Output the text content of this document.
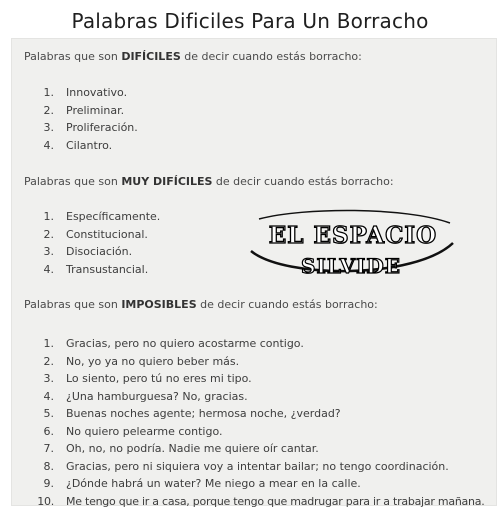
Palabras Dificiles Para Un Borracho
Palabras que son DIFÍCILES de decir cuando estás borracho:
1. Innovativo.
2. Preliminar.
3. Proliferación.
4. Cilantro.
Palabras que son MUY DIFÍCILES de decir cuando estás borracho:
1. Específicamente.
2. Constitucional.
3. Disociación.
4. Transustancial.
Palabras que son IMPOSIBLES de decir cuando estás borracho:
1. Gracias, pero no quiero acostarme contigo.
2. No, yo ya no quiero beber más.
3. Lo siento, pero tú no eres mi tipo.
4. ¿Una hamburguesa? No, gracias.
5. Buenas noches agente; hermosa noche, ¿verdad?
6. No quiero pelearme contigo.
7. Oh, no, no podría. Nadie me quiere oír cantar.
8. Gracias, pero ni siquiera voy a intentar bailar; no tengo coordinación.
9. ¿Dónde habrá un water? Me niego a mear en la calle.
10. Me tengo que ir a casa, porque tengo que madrugar para ir a trabajar mañana.
EL ESPACIO
SILVIDE
